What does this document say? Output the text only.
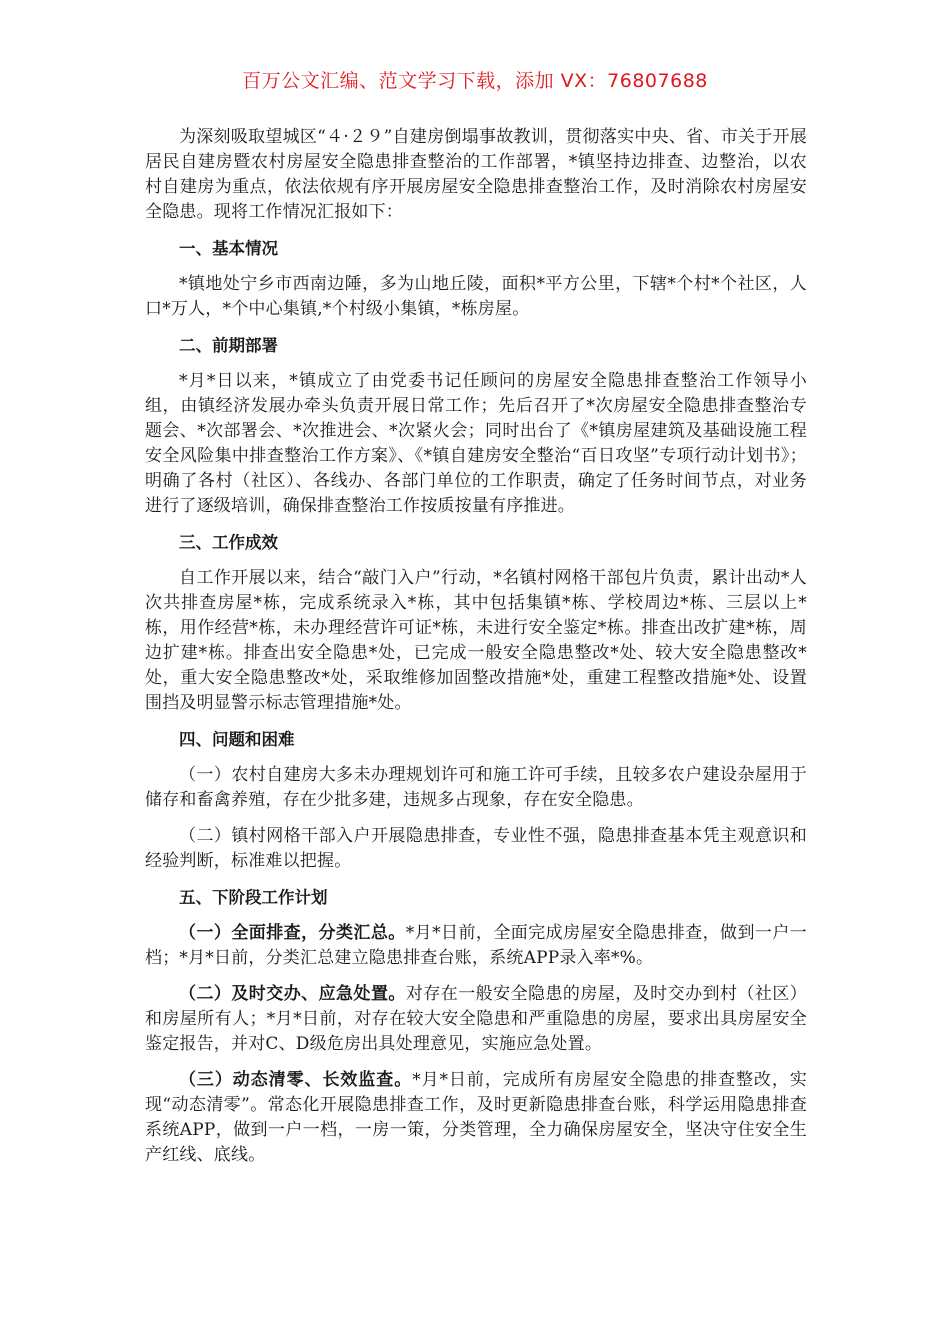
百万公文汇编、范文学习下载，添加 VX：76807688

为深刻吸取望城区“４·２９”自建房倒塌事故教训，贯彻落实中央、省、市关于开展居民自建房暨农村房屋安全隐患排查整治的工作部署，*镇坚持边排查、边整治，以农村自建房为重点，依法依规有序开展房屋安全隐患排查整治工作，及时消除农村房屋安全隐患。现将工作情况汇报如下：

一、基本情况

*镇地处宁乡市西南边陲，多为山地丘陵，面积*平方公里，下辖*个村*个社区，人口*万人，*个中心集镇,*个村级小集镇，*栋房屋。

二、前期部署

*月*日以来，*镇成立了由党委书记任顾问的房屋安全隐患排查整治工作领导小组，由镇经济发展办牵头负责开展日常工作；先后召开了*次房屋安全隐患排查整治专题会、*次部署会、*次推进会、*次紧火会；同时出台了《*镇房屋建筑及基础设施工程安全风险集中排查整治工作方案》、《*镇自建房安全整治“百日攻坚”专项行动计划书》；明确了各村（社区）、各线办、各部门单位的工作职责，确定了任务时间节点，对业务进行了逐级培训，确保排查整治工作按质按量有序推进。

三、工作成效

自工作开展以来，结合“敲门入户”行动，*名镇村网格干部包片负责，累计出动*人次共排查房屋*栋，完成系统录入*栋，其中包括集镇*栋、学校周边*栋、三层以上*栋，用作经营*栋，未办理经营许可证*栋，未进行安全鉴定*栋。排查出改扩建*栋，周边扩建*栋。排查出安全隐患*处，已完成一般安全隐患整改*处、较大安全隐患整改*处，重大安全隐患整改*处，采取维修加固整改措施*处，重建工程整改措施*处、设置围挡及明显警示标志管理措施*处。

四、问题和困难

（一）农村自建房大多未办理规划许可和施工许可手续，且较多农户建设杂屋用于储存和畜禽养殖，存在少批多建，违规多占现象，存在安全隐患。

（二）镇村网格干部入户开展隐患排查，专业性不强，隐患排查基本凭主观意识和经验判断，标准难以把握。

五、下阶段工作计划

（一）全面排查，分类汇总。*月*日前，全面完成房屋安全隐患排查，做到一户一档；*月*日前，分类汇总建立隐患排查台账，系统APP录入率*%。

（二）及时交办、应急处置。对存在一般安全隐患的房屋，及时交办到村（社区）和房屋所有人；*月*日前，对存在较大安全隐患和严重隐患的房屋，要求出具房屋安全鉴定报告，并对C、D级危房出具处理意见，实施应急处置。

（三）动态清零、长效监查。*月*日前，完成所有房屋安全隐患的排查整改，实现“动态清零”。常态化开展隐患排查工作，及时更新隐患排查台账，科学运用隐患排查系统APP，做到一户一档，一房一策，分类管理，全力确保房屋安全，坚决守住安全生产红线、底线。
